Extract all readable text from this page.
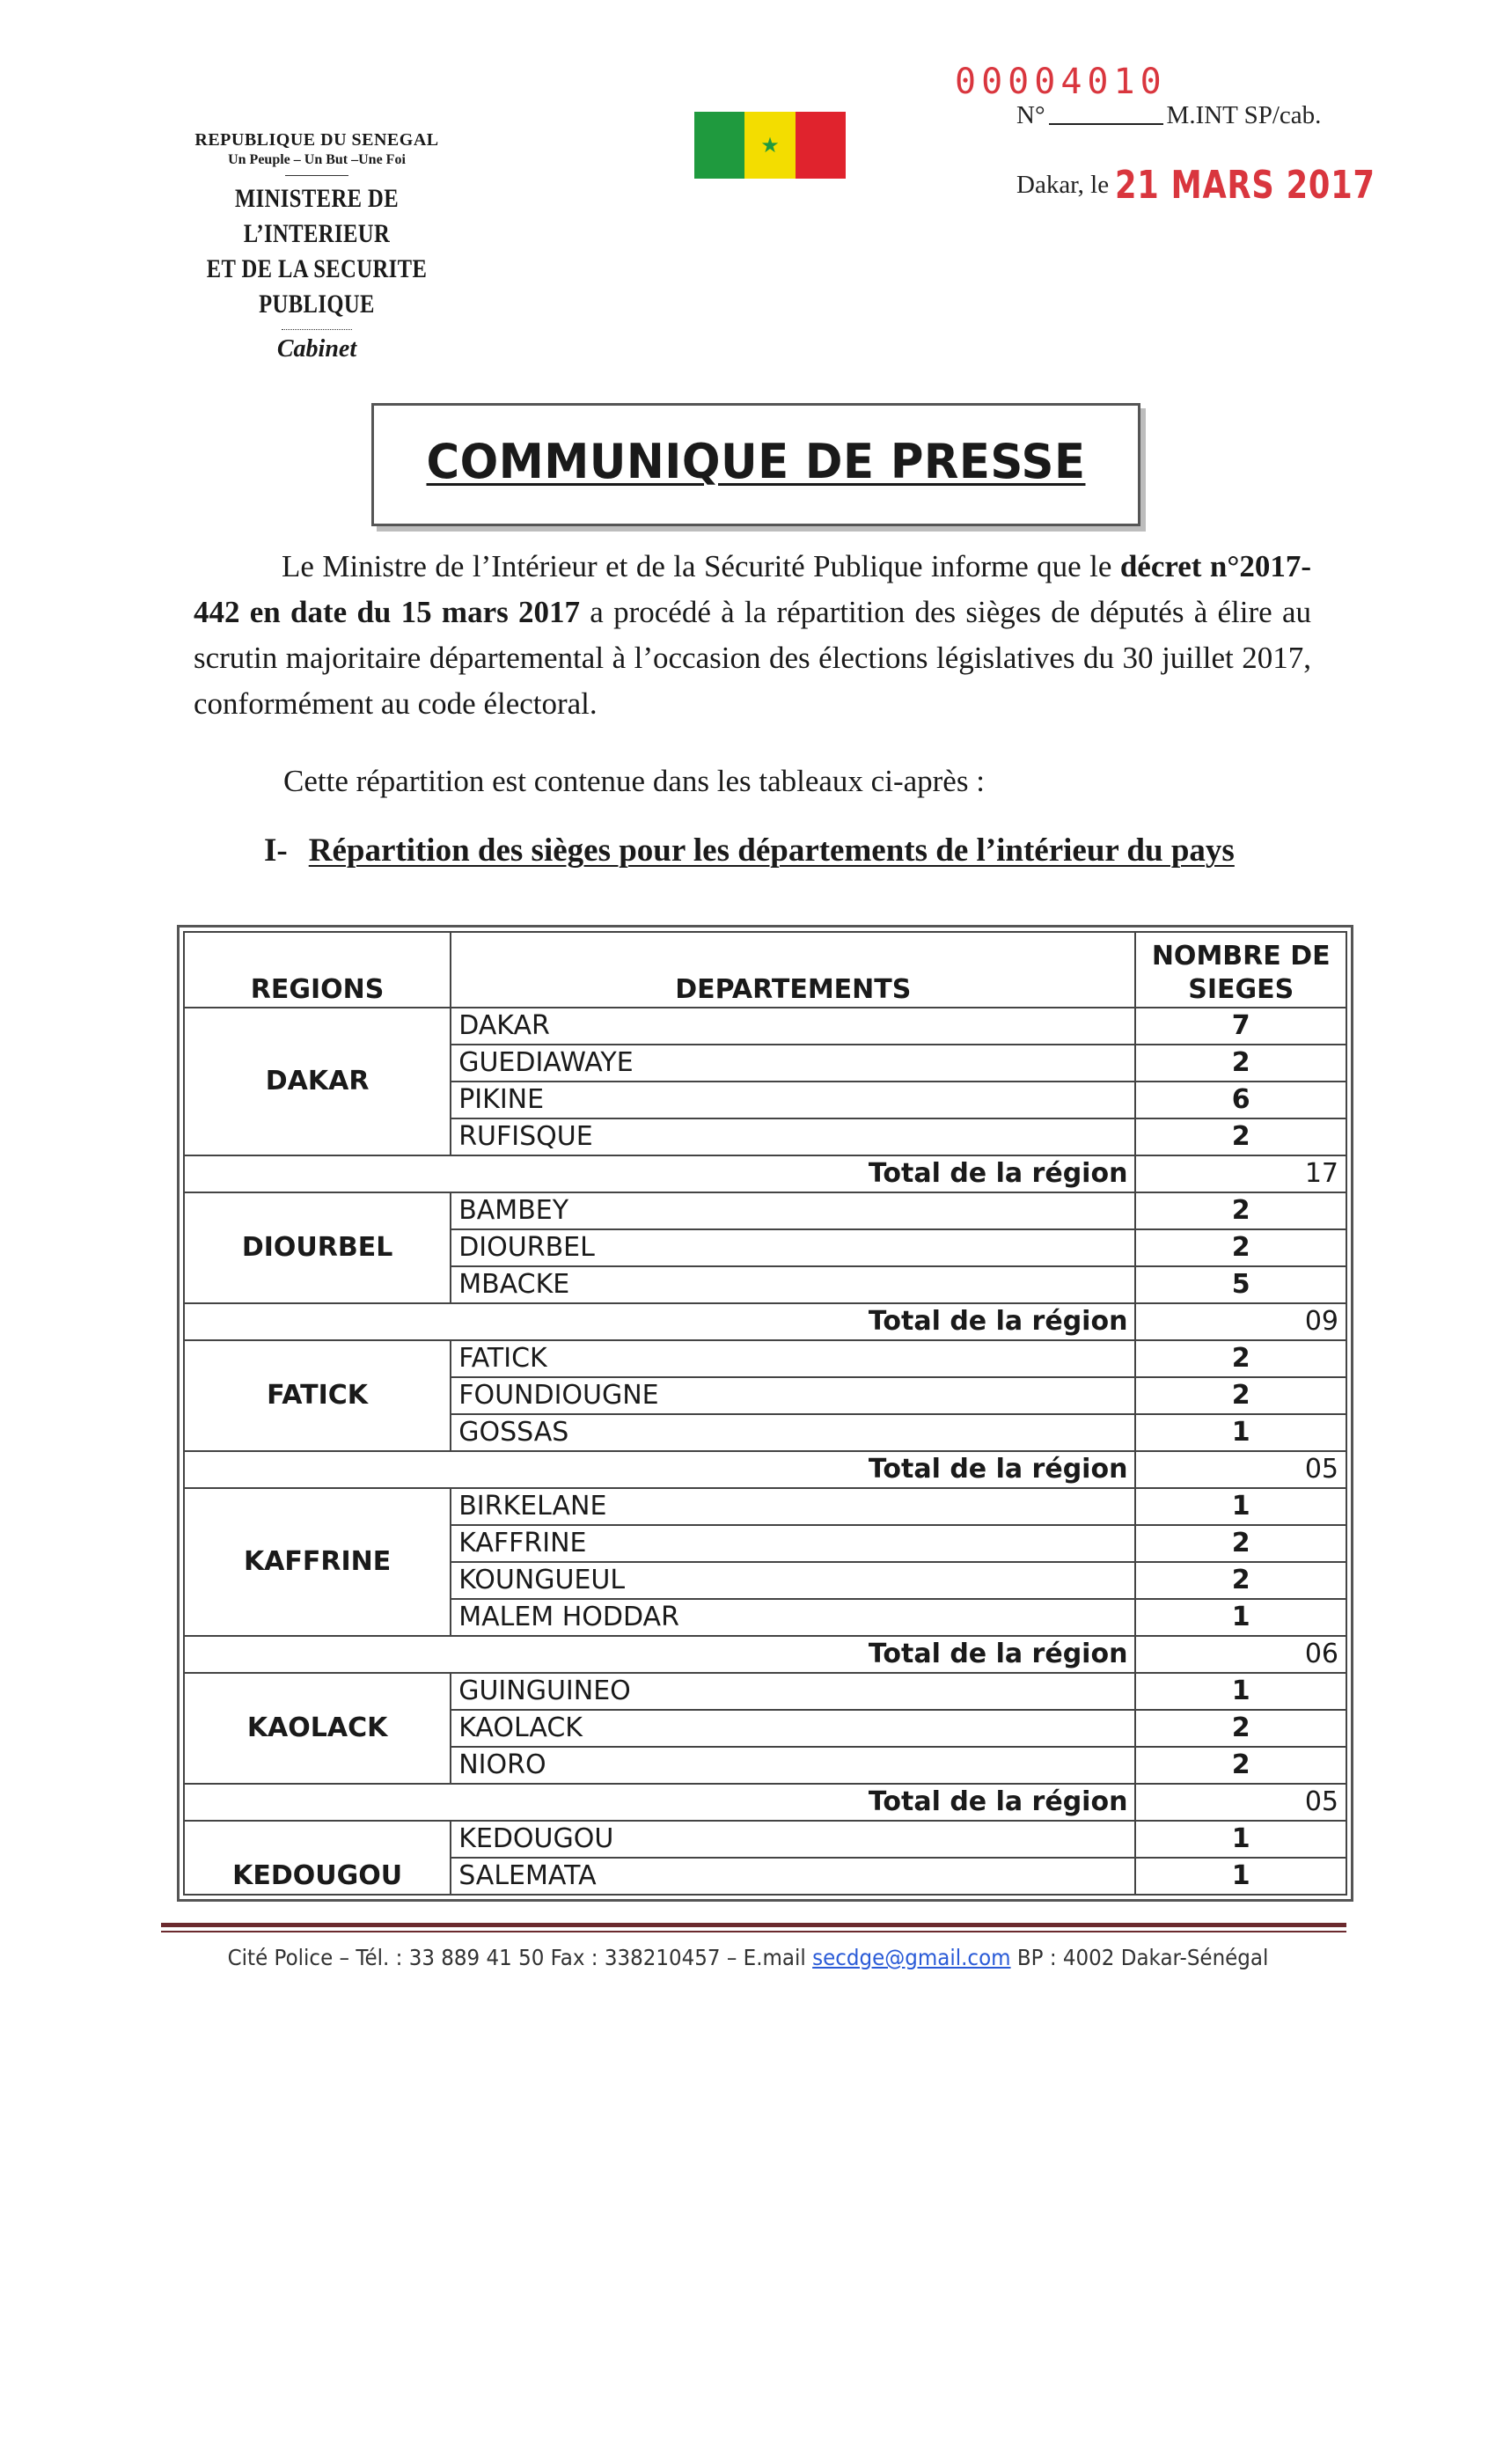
REPUBLIQUE DU SENEGAL
Un Peuple – Un But –Une Foi
MINISTERE DE L’INTERIEUR
ET DE LA SECURITE PUBLIQUE
Cabinet
★
00004010
N°	M.INT SP/cab.
Dakar, le 21 MARS 2017
COMMUNIQUE DE PRESSE
Le Ministre de l’Intérieur et de la Sécurité Publique informe que le décret n°2017-442 en date du 15 mars 2017 a procédé à la répartition des sièges de députés à élire au scrutin majoritaire départemental à l’occasion des élections législatives du 30 juillet 2017, conformément au code électoral.
Cette répartition est contenue dans les tableaux ci-après :
I- Répartition des sièges pour les départements de l’intérieur du pays
REGIONS	DEPARTEMENTS	NOMBRE DE
SIEGES
DAKAR	DAKAR	7
	GUEDIAWAYE	2
	PIKINE	6
	RUFISQUE	2
Total de la région		17
DIOURBEL	BAMBEY	2
	DIOURBEL	2
	MBACKE	5
Total de la région		09
FATICK	FATICK	2
	FOUNDIOUGNE	2
	GOSSAS	1
Total de la région		05
KAFFRINE	BIRKELANE	1
	KAFFRINE	2
	KOUNGUEUL	2
	MALEM HODDAR	1
Total de la région		06
KAOLACK	GUINGUINEO	1
	KAOLACK	2
	NIORO	2
Total de la région		05
KEDOUGOU	KEDOUGOU	1
	SALEMATA	1
Cité Police – Tél. : 33 889 41 50 Fax : 338210457 – E.mail secdge@gmail.com BP : 4002 Dakar-Sénégal
